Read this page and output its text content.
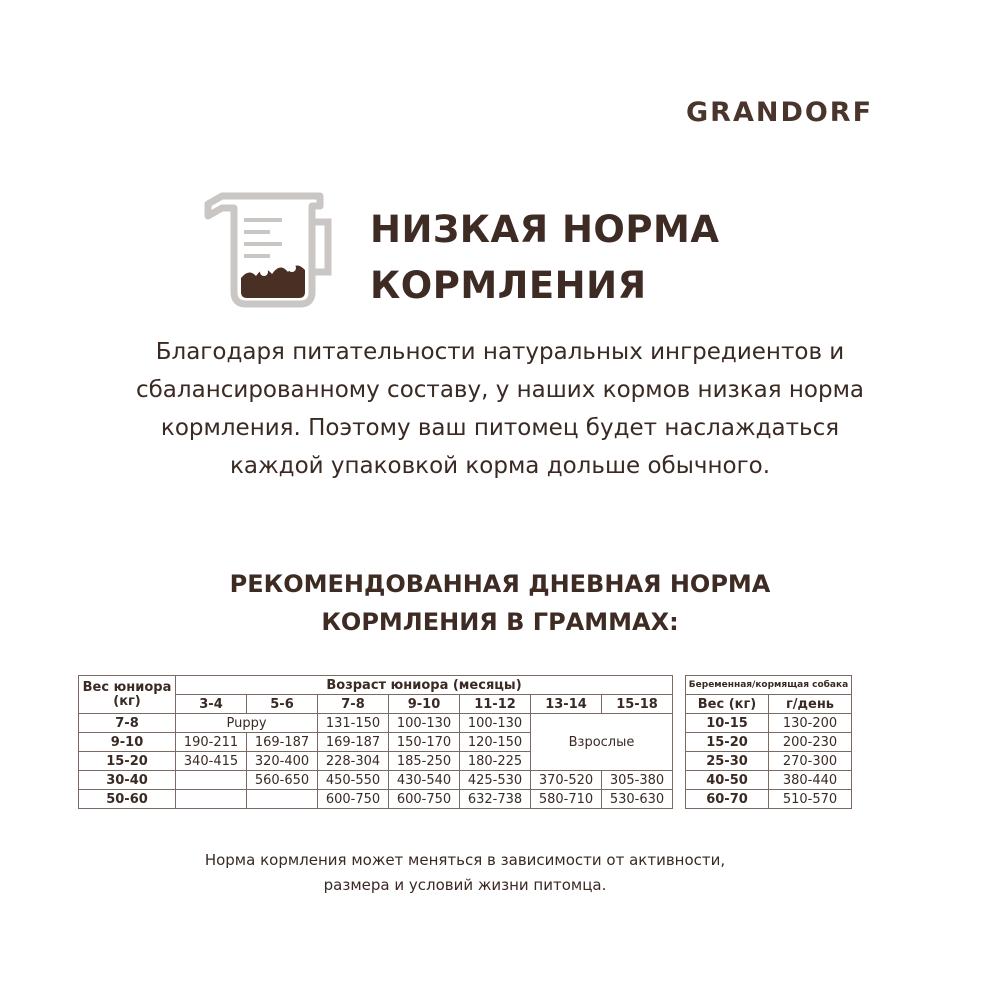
GRANDORF
НИЗКАЯ НОРМА
КОРМЛЕНИЯ
Благодаря питательности натуральных ингредиентов и
сбалансированному составу, у наших кормов низкая норма
кормления. Поэтому ваш питомец будет наслаждаться
каждой упаковкой корма дольше обычного.
РЕКОМЕНДОВАННАЯ ДНЕВНАЯ НОРМА
КОРМЛЕНИЯ В ГРАММАХ:
Вес юниора (кг)	Возраст юниора (месяцы)						
	3-4	5-6	7-8	9-10	11-12	13-14	15-18
7-8	Puppy		131-150	100-130	100-130	Взрослые	
9-10	190-211	169-187	169-187	150-170	120-150		
15-20	340-415	320-400	228-304	185-250	180-225		
30-40		560-650	450-550	430-540	425-530	370-520	305-380
50-60			600-750	600-750	632-738	580-710	530-630
Беременная/кормящая собака	
Вес (кг)	г/день
10-15	130-200
15-20	200-230
25-30	270-300
40-50	380-440
60-70	510-570
Норма кормления может меняться в зависимости от активности,
размера и условий жизни питомца.
